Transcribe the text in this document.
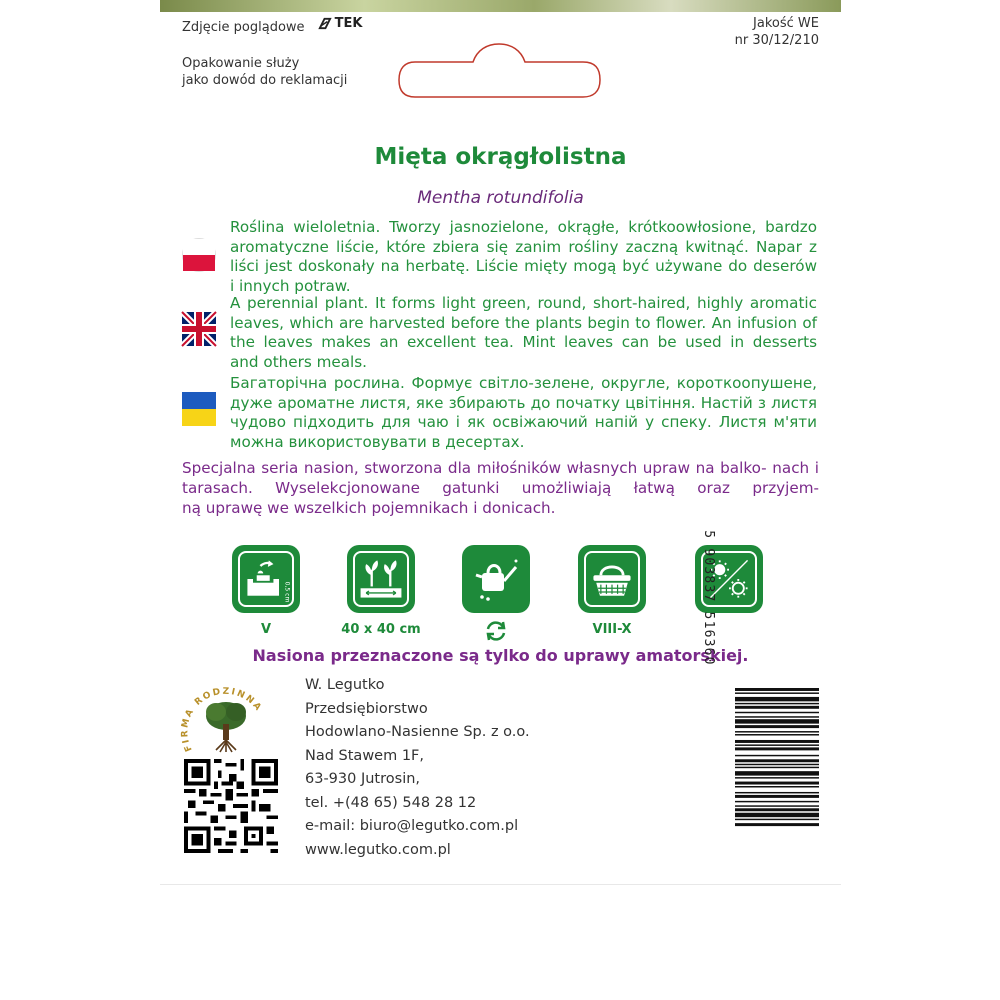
Zdjęcie poglądowe TEK	Jakość WE
nr 30/12/210
Opakowanie służy
jako dowód do reklamacji
Mięta okrągłolistna
Mentha rotundifolia
Roślina wieloletnia. Tworzy jasnozielone, okrągłe, krótkoowłosione, bardzo aromatyczne liście, które zbiera się zanim rośliny zaczną kwitnąć. Napar z liści jest doskonały na herbatę. Liście mięty mogą być używane do deserów
i innych potraw.
A perennial plant. It forms light green, round, short-haired, highly aromatic leaves, which are harvested before the plants begin to flower. An infusion of the leaves makes an excellent tea. Mint leaves can be used in desserts
and others meals.
Багаторічна рослина. Формує світло-зелене, округле, короткоопушене, дуже ароматне листя, яке збирають до початку цвітіння. Настій з листя чудово підходить для чаю і як освіжаючий напій у спеку. Листя м'яти
можна використовувати в десертах.
Specjalna seria nasion, stworzona dla miłośników własnych upraw na balko- nach i tarasach. Wyselekcjonowane gatunki umożliwiają łatwą oraz przyjem-
ną uprawę we wszelkich pojemnikach i donicach.
0,5 cm
V	40 x 40 cm	VIII-X
Nasiona przeznaczone są tylko do uprawy amatorskiej.
FIRMA RODZINNA
W. Legutko
Przedsiębiorstwo
Hodowlano-Nasienne Sp. z o.o.
Nad Stawem 1F,
63-930 Jutrosin,
tel. +(48 65) 548 28 12
e-mail: biuro@legutko.com.pl
www.legutko.com.pl
5 903837 516360
